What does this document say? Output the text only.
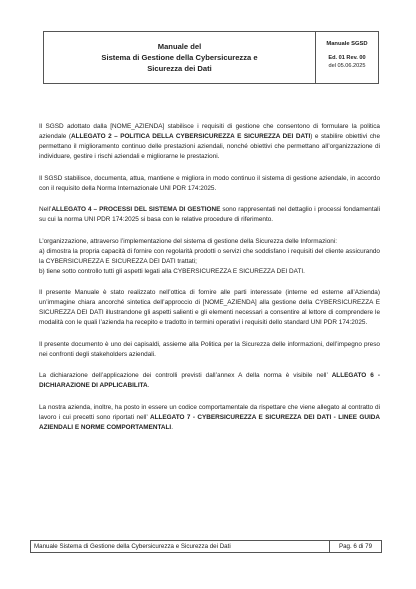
Manuale del
Sistema di Gestione della Cybersicurezza e
Sicurezza dei Dati
Manuale SGSD
Ed. 01 Rev. 00
del 05.06.2025

Il SGSD adottato dalla [NOME_AZIENDA] stabilisce i requisiti di gestione che consentono di formulare la politica aziendale (ALLEGATO 2 – POLITICA DELLA CYBERSICUREZZA E SICUREZZA DEI DATI) e stabilire obiettivi che permettano il miglioramento continuo delle prestazioni aziendali, nonché obiettivi che permettano all’organizzazione di individuare, gestire i rischi aziendali e migliorarne le prestazioni.

Il SGSD stabilisce, documenta, attua, mantiene e migliora in modo continuo il sistema di gestione aziendale, in accordo con il requisito della Norma Internazionale UNI PDR 174:2025.

Nell’ALLEGATO 4 – PROCESSI DEL SISTEMA DI GESTIONE sono rappresentati nel dettaglio i processi fondamentali su cui la norma UNI PDR 174:2025 si basa con le relative procedure di riferimento.

L’organizzazione, attraverso l’implementazione del sistema di gestione della Sicurezza delle Informazioni:
a) dimostra la propria capacità di fornire con regolarità prodotti o servizi che soddisfano i requisiti del cliente assicurando la CYBERSICUREZZA E SICUREZZA DEI DATI trattati;
b) tiene sotto controllo tutti gli aspetti legati alla CYBERSICUREZZA E SICUREZZA DEI DATI.

Il presente Manuale è stato realizzato nell’ottica di fornire alle parti interessate (interne ed esterne all’Azienda) un’immagine chiara ancorché sintetica dell’approccio di [NOME_AZIENDA] alla gestione della CYBERSICUREZZA E SICUREZZA DEI DATI illustrandone gli aspetti salienti e gli elementi necessari a consentire al lettore di comprendere le modalità con le quali l’azienda ha recepito e tradotto in termini operativi i requisiti dello standard UNI PDR 174:2025.

Il presente documento è uno dei capisaldi, assieme alla Politica per la Sicurezza delle informazioni, dell’impegno preso nei confronti degli stakeholders aziendali.

La dichiarazione dell’applicazione dei controlli previsti dall’annex A della norma è visibile nell’ ALLEGATO 6 - DICHIARAZIONE DI APPLICABILITA.

La nostra azienda, inoltre, ha posto in essere un codice comportamentale da rispettare che viene allegato al contratto di lavoro i cui precetti sono riportati nell’ ALLEGATO 7 - CYBERSICUREZZA E SICUREZZA DEI DATI - LINEE GUIDA AZIENDALI E NORME COMPORTAMENTALI.

Manuale Sistema di Gestione della Cybersicurezza e Sicurezza dei Dati	Pag. 6 di 79
